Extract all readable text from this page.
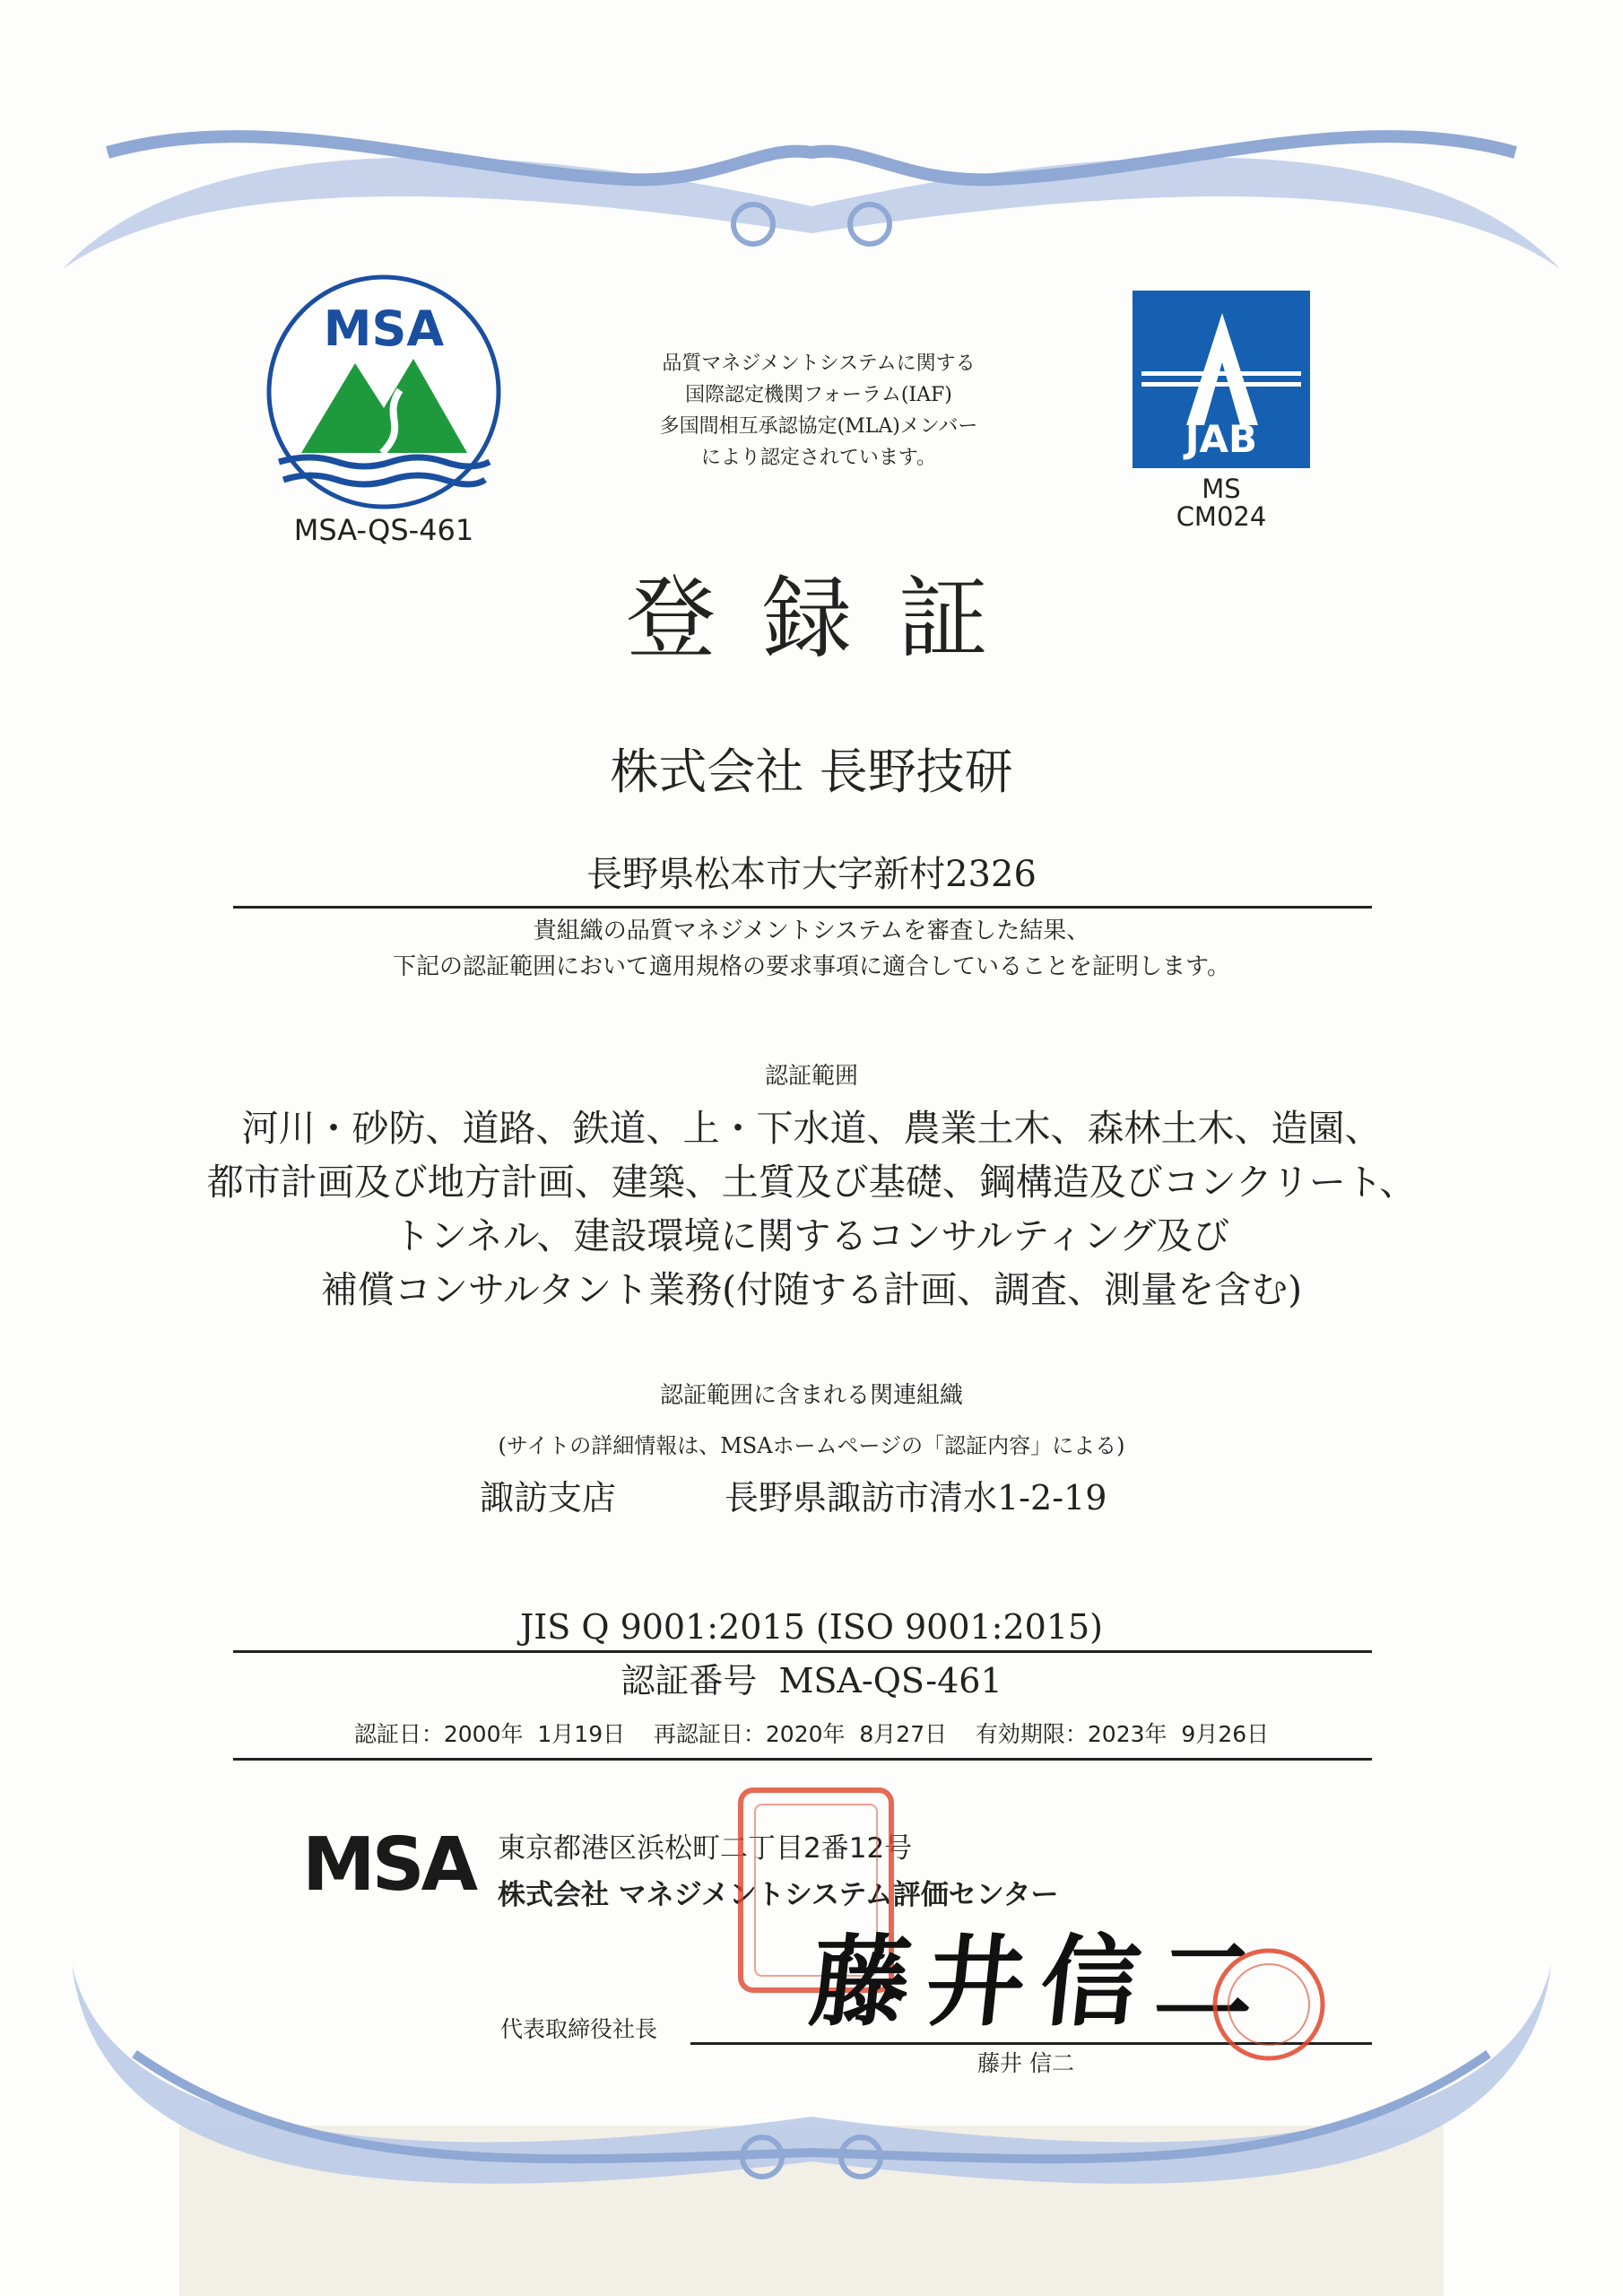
MSA
MSA-QS-461
品質マネジメントシステムに関する
国際認定機関フォーラム(IAF)
多国間相互承認協定(MLA)メンバー
により認定されています。	JAB
MS
CM024
登 録 証
株式会社 長野技研
長野県松本市大字新村2326
貴組織の品質マネジメントシステムを審査した結果、
下記の認証範囲において適用規格の要求事項に適合していることを証明します。
認証範囲
河川・砂防、道路、鉄道、上・下水道、農業土木、森林土木、造園、
都市計画及び地方計画、建築、土質及び基礎、鋼構造及びコンクリート、
トンネル、建設環境に関するコンサルティング及び
補償コンサルタント業務(付随する計画、調査、測量を含む)
認証範囲に含まれる関連組織
(サイトの詳細情報は、MSAホームページの「認証内容」による)
諏訪支店	長野県諏訪市清水1-2-19
JIS Q 9001:2015 (ISO 9001:2015)
認証番号  MSA-QS-461
認証日：2000年  1月19日    再認証日：2020年  8月27日    有効期限：2023年  9月26日
MSA 東京都港区浜松町二丁目2番12号
株式会社 マネジメントシステム評価センター
代表取締役社長 藤井信二
藤井 信二
